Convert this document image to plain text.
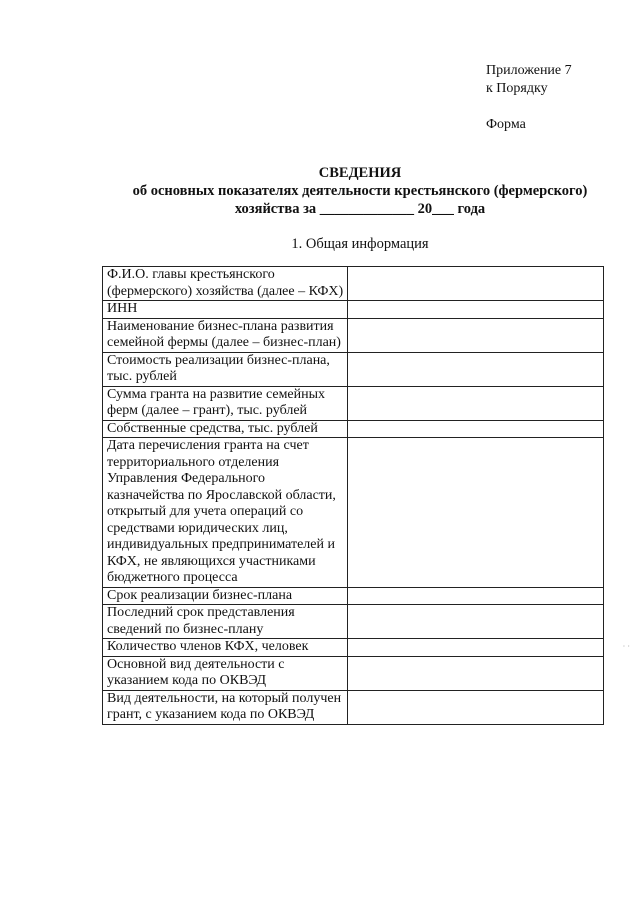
Приложение 7
к Порядку
Форма
СВЕДЕНИЯ
об основных показателях деятельности крестьянского (фермерского)
хозяйства за _____________ 20___ года
1. Общая информация
Ф.И.О. главы крестьянского (фермерского) хозяйства (далее – КФХ)	
ИНН	
Наименование бизнес-плана развития семейной фермы (далее – бизнес-план)	
Стоимость реализации бизнес-плана, тыс. рублей	
Сумма гранта на развитие семейных ферм (далее – грант), тыс. рублей	
Собственные средства, тыс. рублей	
Дата перечисления гранта на счет территориального отделения Управления Федерального казначейства по Ярославской области, открытый для учета операций со средствами юридических лиц, индивидуальных предпринимателей и КФХ, не являющихся участниками бюджетного процесса	
Срок реализации бизнес-плана	
Последний срок представления сведений по бизнес-плану	
Количество членов КФХ, человек	
Основной вид деятельности с указанием кода по ОКВЭД	
Вид деятельности, на который получен грант, с указанием кода по ОКВЭД	
· ·
